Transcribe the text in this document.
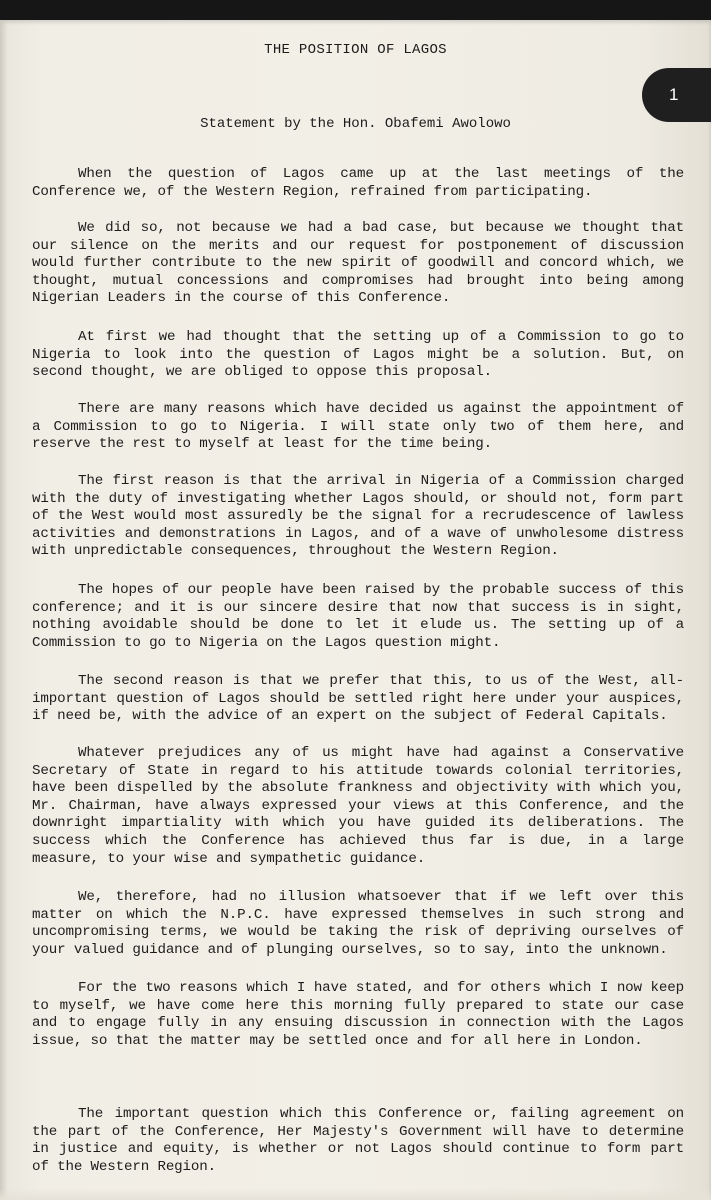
THE POSITION OF LAGOS
Statement by the Hon. Obafemi Awolowo
When the question of Lagos came up at the last meetings of the Conference we, of the Western Region, refrained from participating.
We did so, not because we had a bad case, but because we thought that our silence on the merits and our request for postponement of discussion would further contribute to the new spirit of goodwill and concord which, we thought, mutual concessions and compromises had brought into being among Nigerian Leaders in the course of this Conference.
At first we had thought that the setting up of a Commission to go to Nigeria to look into the question of Lagos might be a solution. But, on second thought, we are obliged to oppose this proposal.
There are many reasons which have decided us against the appointment of a Commission to go to Nigeria. I will state only two of them here, and reserve the rest to myself at least for the time being.
The first reason is that the arrival in Nigeria of a Commission charged with the duty of investigating whether Lagos should, or should not, form part of the West would most assuredly be the signal for a recrudescence of lawless activities and demonstrations in Lagos, and of a wave of unwholesome distress with unpredictable consequences, throughout the Western Region.
The hopes of our people have been raised by the probable success of this conference; and it is our sincere desire that now that success is in sight, nothing avoidable should be done to let it elude us. The setting up of a Commission to go to Nigeria on the Lagos question might.
The second reason is that we prefer that this, to us of the West, all-important question of Lagos should be settled right here under your auspices, if need be, with the advice of an expert on the subject of Federal Capitals.
Whatever prejudices any of us might have had against a Conservative Secretary of State in regard to his attitude towards colonial territories, have been dispelled by the absolute frankness and objectivity with which you, Mr. Chairman, have always expressed your views at this Conference, and the downright impartiality with which you have guided its deliberations. The success which the Conference has achieved thus far is due, in a large measure, to your wise and sympathetic guidance.
We, therefore, had no illusion whatsoever that if we left over this matter on which the N.P.C. have expressed themselves in such strong and uncompromising terms, we would be taking the risk of depriving ourselves of your valued guidance and of plunging ourselves, so to say, into the unknown.
For the two reasons which I have stated, and for others which I now keep to myself, we have come here this morning fully prepared to state our case and to engage fully in any ensuing discussion in connection with the Lagos issue, so that the matter may be settled once and for all here in London.
The important question which this Conference or, failing agreement on the part of the Conference, Her Majesty's Government will have to determine in justice and equity, is whether or not Lagos should continue to form part of the Western Region.
1
